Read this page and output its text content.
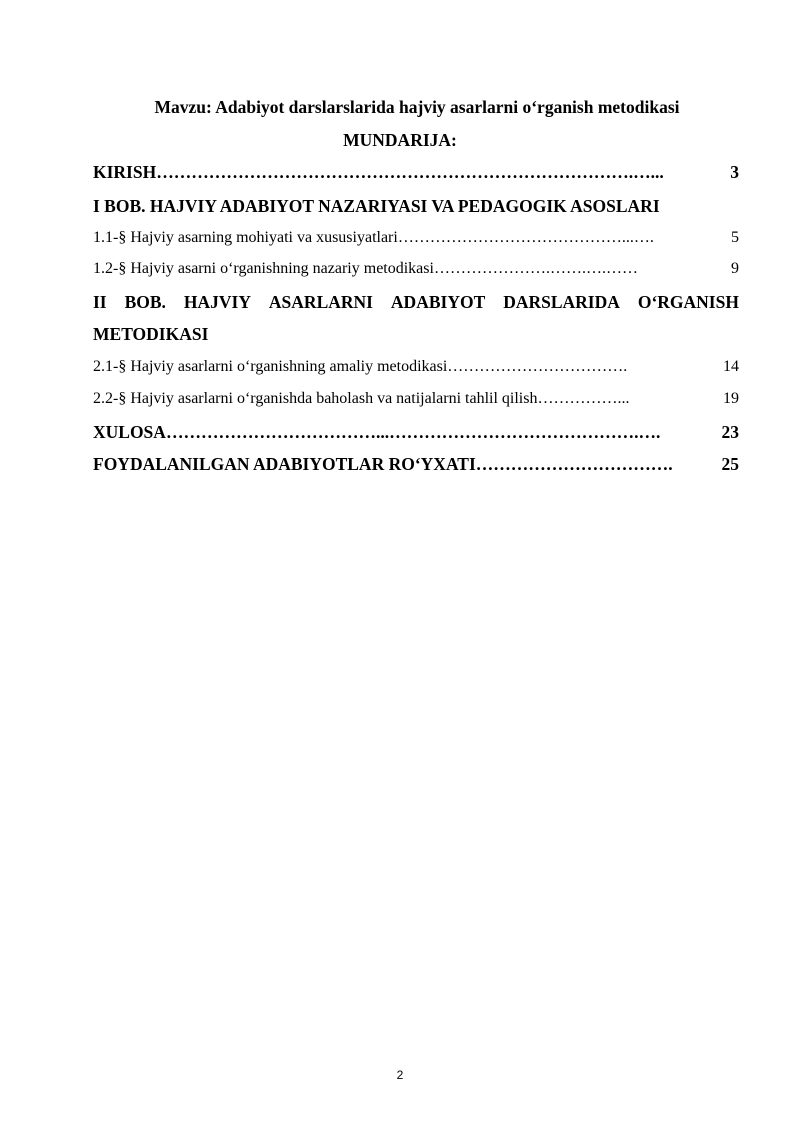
Mavzu: Adabiyot darslarslarida hajviy asarlarni o‘rganish metodikasi
MUNDARIJA:
KIRISH ……………………………………………………………………….…...	3
I BOB. HAJVIY ADABIYOT NAZARIYASI VA PEDAGOGIK ASOSLARI
1.1-§ Hajviy asarning mohiyati va xususiyatlari ……………………………………...….	5
1.2-§ Hajviy asarni o‘rganishning nazariy metodikasi ………………….…….….……	9
II BOB. HAJVIY ASARLARNI ADABIYOT DARSLARIDA O‘RGANISH
METODIKASI
2.1-§ Hajviy asarlarni o‘rganishning amaliy metodikasi …………………………….	14
2.2-§ Hajviy asarlarni o‘rganishda baholash va natijalarni tahlil qilish ……………...	19
XULOSA ………………………………...…………………………………….….	23
FOYDALANILGAN ADABIYOTLAR RO‘YXATI …………………………….	25
2
